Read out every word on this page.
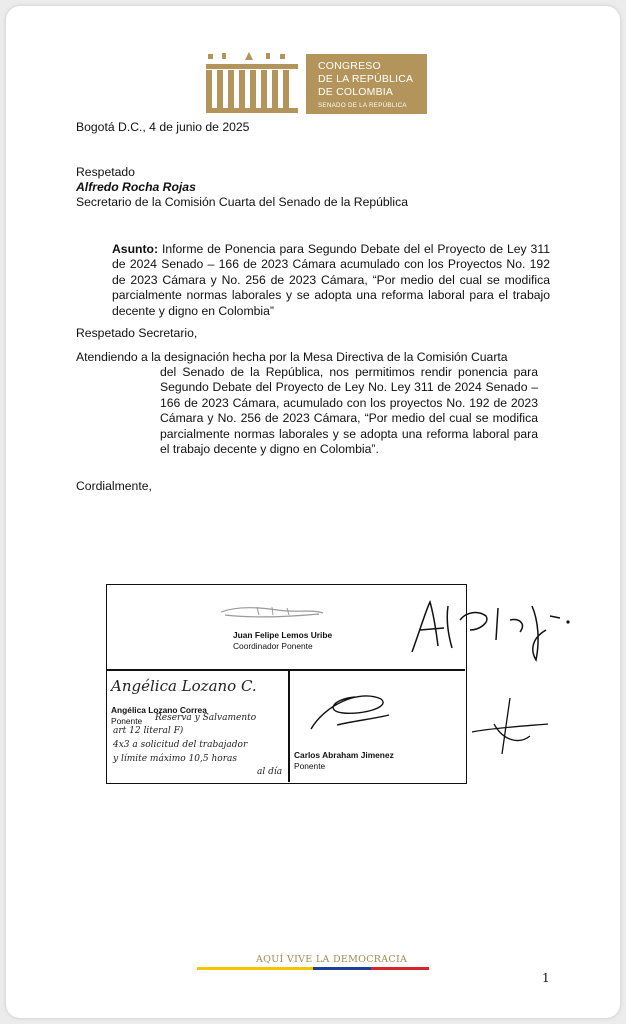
CONGRESO
DE LA REPÚBLICA
DE COLOMBIA
SENADO DE LA REPÚBLICA
Bogotá D.C., 4 de junio de 2025
Respetado
Alfredo Rocha Rojas
Secretario de la Comisión Cuarta del Senado de la República
Asunto: Informe de Ponencia para Segundo Debate del el Proyecto de Ley 311 de 2024 Senado – 166 de 2023 Cámara acumulado con los Proyectos No. 192 de 2023 Cámara y No. 256 de 2023 Cámara, “Por medio del cual se modifica parcialmente normas laborales y se adopta una reforma laboral para el trabajo decente y digno en Colombia”
Respetado Secretario,
Atendiendo a la designación hecha por la Mesa Directiva de la Comisión Cuarta
del Senado de la República, nos permitimos rendir ponencia para Segundo Debate del Proyecto de Ley No. Ley 311 de 2024 Senado – 166 de 2023 Cámara, acumulado con los proyectos No. 192 de 2023 Cámara y No. 256 de 2023 Cámara, “Por medio del cual se modifica parcialmente normas laborales y se adopta una reforma laboral para el trabajo decente y digno en Colombia”.
Cordialmente,
Juan Felipe Lemos Uribe
Coordinador Ponente
Angélica Lozano C.
Angélica Lozano Correa
Ponente Reserva y Salvamento
art 12 literal F)
4x3 a solicitud del trabajador
y límite máximo 10,5 horas
al día
Carlos Abraham Jimenez
Ponente
AQUÍ VIVE LA DEMOCRACIA
1
